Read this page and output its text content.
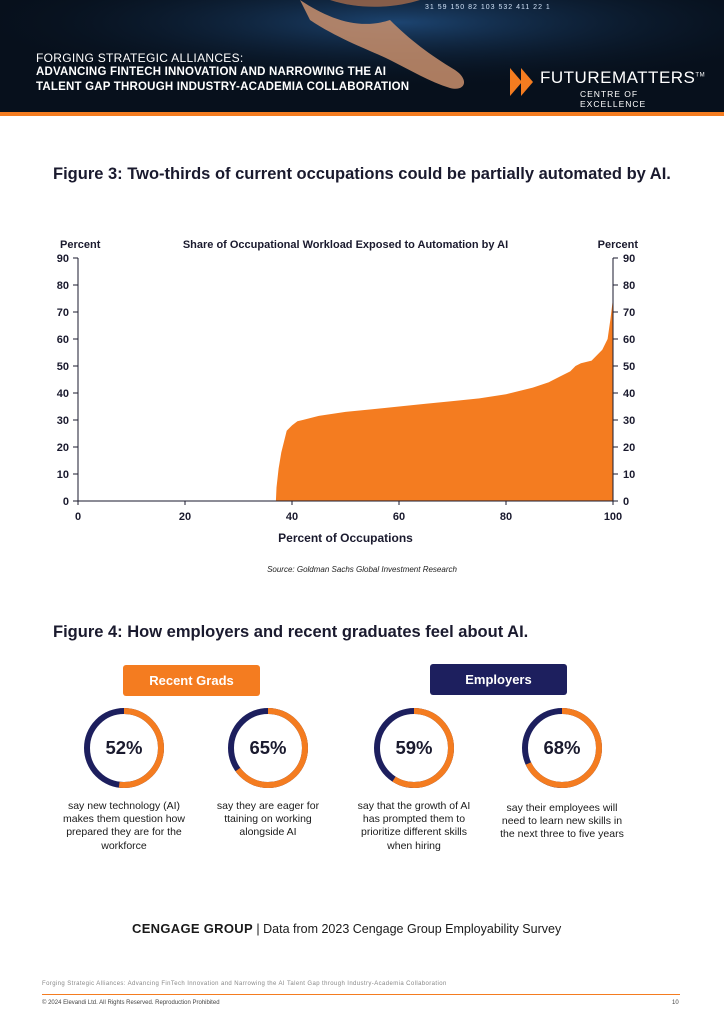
31 59 150 82 103 532 411 22 1
FORGING STRATEGIC ALLIANCES:
ADVANCING FINTECH INNOVATION AND NARROWING THE AI
TALENT GAP THROUGH INDUSTRY-ACADEMIA COLLABORATION	FUTUREMATTERS™
CENTRE OF EXCELLENCE
Figure 3: Two-thirds of current occupations could be partially automated by AI.
0	0
10	10
20	20
30	30
40	40
50	50
60	60
70	70
80	80
90	90
0	20	40	60	80	100
Percent	Percent
Share of Occupational Workload Exposed to Automation by AI
Percent of Occupations
Source: Goldman Sachs Global Investment Research
Figure 4: How employers and recent graduates feel about AI.
Recent Grads	Employers
52%
say new technology (AI) makes them question how prepared they are for the workforce
65%
say they are eager for ttaining on working alongside AI
59%
say that the growth of AI has prompted them to prioritize different skills when hiring
68%
say their employees will need to learn new skills in the next three to five years
CENGAGE GROUP | Data from 2023 Cengage Group Employability Survey
Forging Strategic Alliances: Advancing FinTech Innovation and Narrowing the AI Talent Gap through Industry-Academia Collaboration
© 2024 Elevandi Ltd. All Rights Reserved. Reproduction Prohibited	10
